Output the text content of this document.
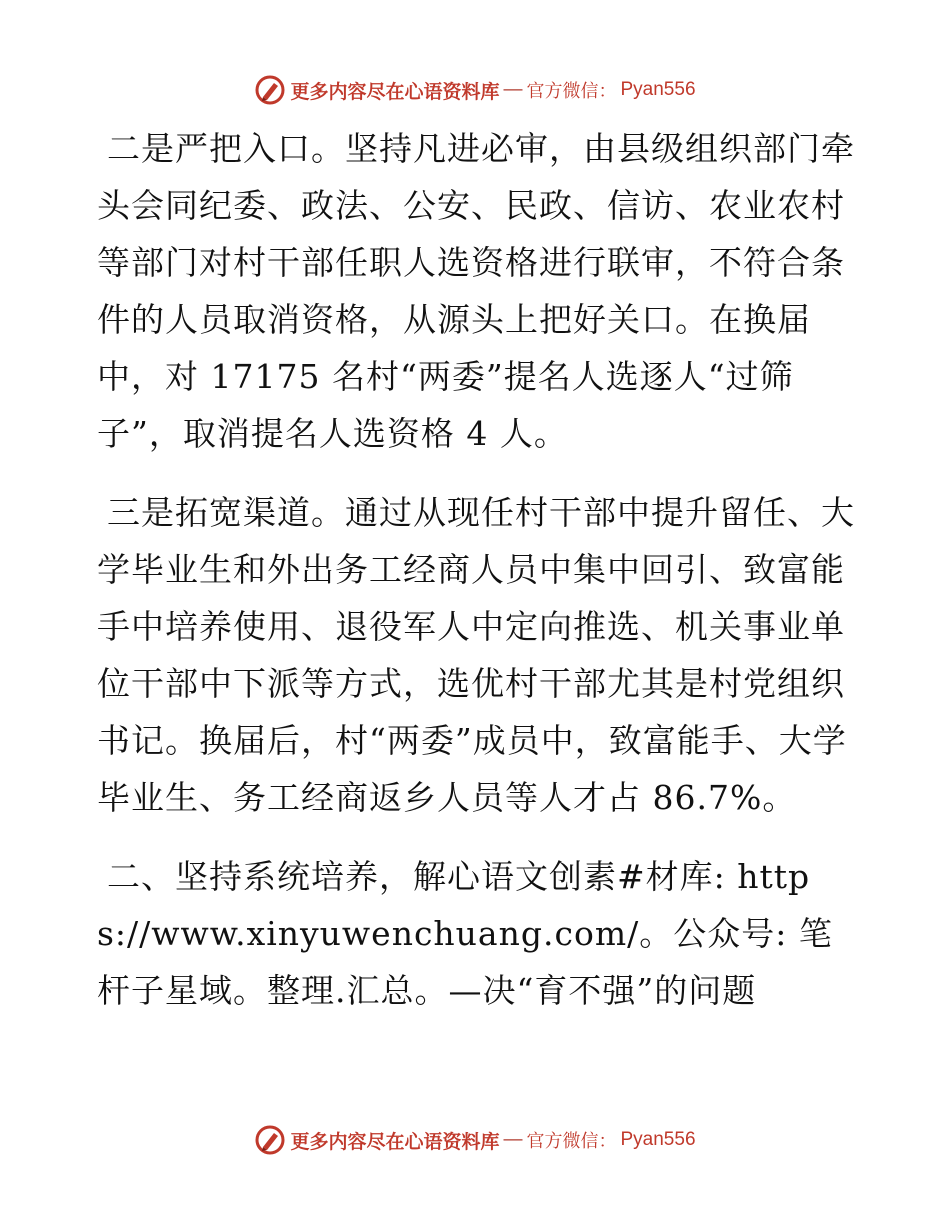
更多内容尽在心语资料库 — 官方微信： Pyan556

二是严把入口。坚持凡进必审，由县级组织部门牵头会同纪委、政法、公安、民政、信访、农业农村等部门对村干部任职人选资格进行联审，不符合条件的人员取消资格，从源头上把好关口。在换届中，对 17175 名村“两委”提名人选逐人“过筛子”，取消提名人选资格 4 人。

三是拓宽渠道。通过从现任村干部中提升留任、大学毕业生和外出务工经商人员中集中回引、致富能手中培养使用、退役军人中定向推选、机关事业单位干部中下派等方式，选优村干部尤其是村党组织书记。换届后，村“两委”成员中，致富能手、大学毕业生、务工经商返乡人员等人才占 86.7%。

二、坚持系统培养，解心语文创素#材库: https://www.xinyuwenchuang.com/。公众号: 笔杆子星域。整理.汇总。—决“育不强”的问题

更多内容尽在心语资料库 — 官方微信： Pyan556
